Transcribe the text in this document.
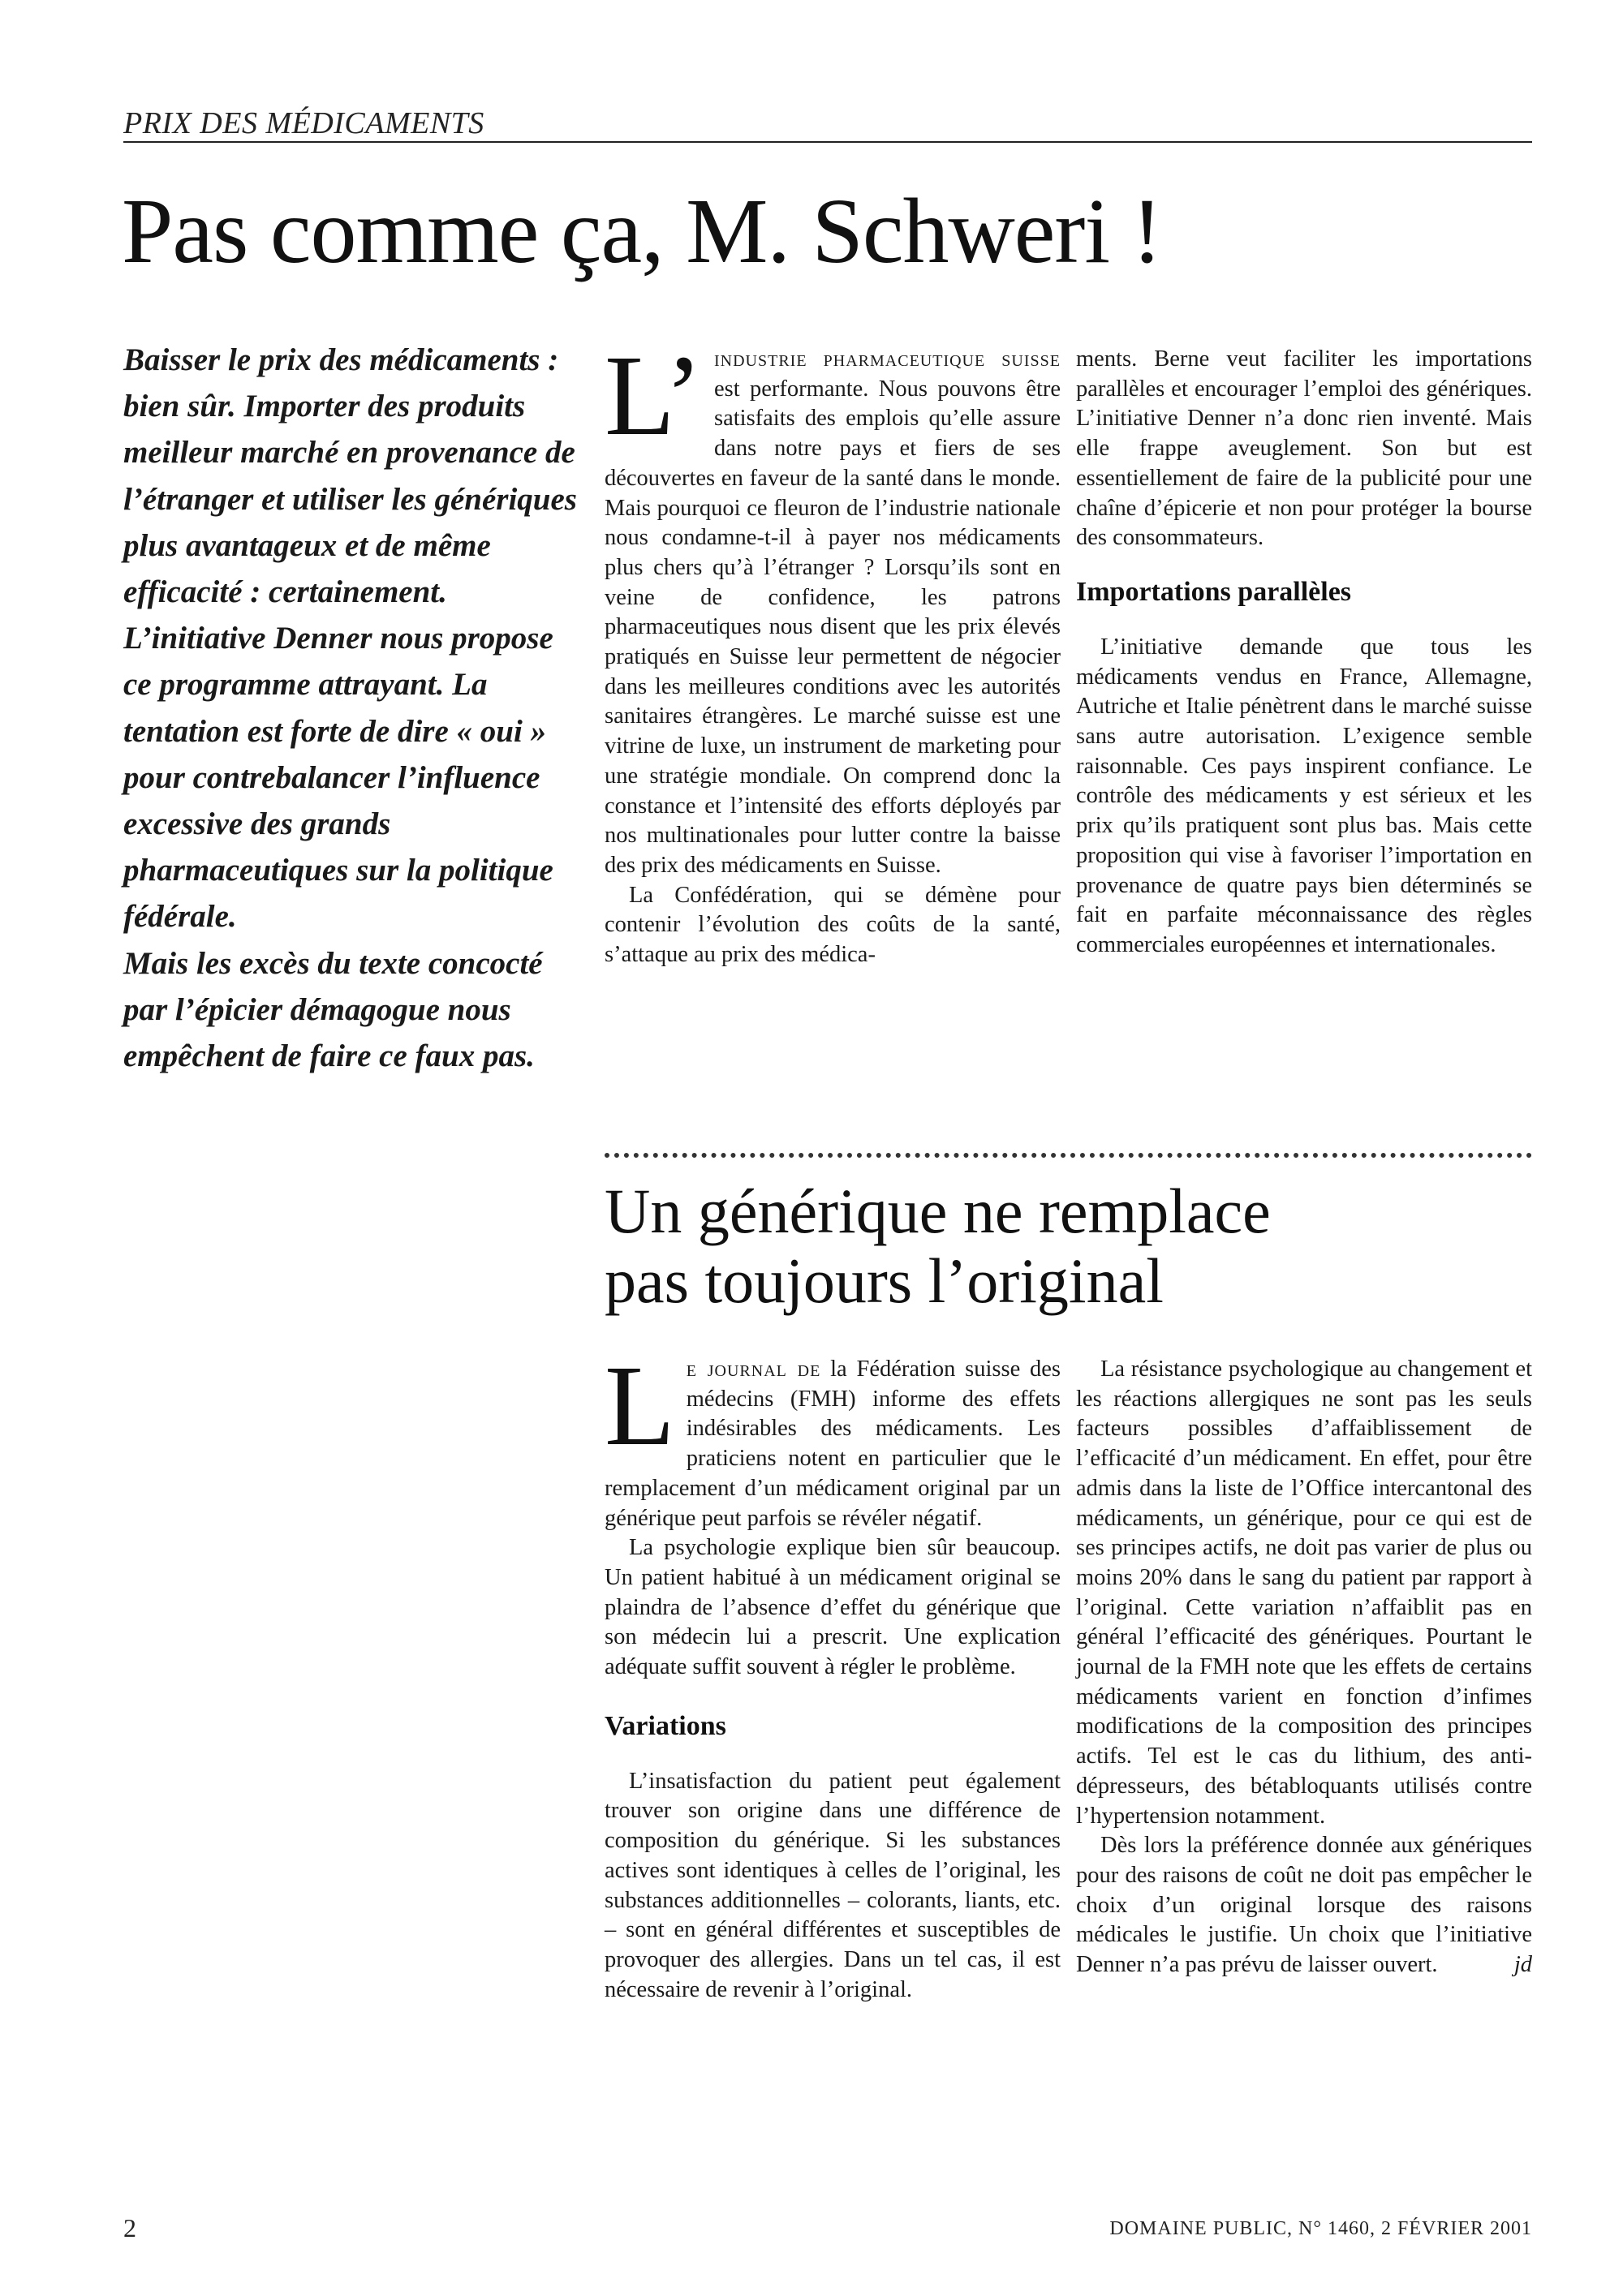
PRIX DES MÉDICAMENTS
Pas comme ça, M. Schweri !

Baisser le prix des médicaments : bien sûr. Importer des produits meilleur marché en provenance de l’étranger et utiliser les génériques plus avantageux et de même efficacité : certainement. L’initiative Denner nous propose ce programme attrayant. La tentation est forte de dire « oui » pour contrebalancer l’influence excessive des grands pharmaceutiques sur la politique fédérale.

Mais les excès du texte concocté par l’épicier démagogue nous empêchent de faire ce faux pas.

L’ industrie pharmaceutique suisse est performante. Nous pouvons être satisfaits des emplois qu’elle assure dans notre pays et fiers de ses découvertes en faveur de la santé dans le monde. Mais pourquoi ce fleuron de l’industrie nationale nous condamne-t-il à payer nos médicaments plus chers qu’à l’étranger ? Lorsqu’ils sont en veine de confidence, les patrons pharmaceutiques nous disent que les prix élevés pratiqués en Suisse leur permettent de négocier dans les meilleures conditions avec les autorités sanitaires étrangères. Le marché suisse est une vitrine de luxe, un instrument de marketing pour une stratégie mondiale. On comprend donc la constance et l’intensité des efforts déployés par nos multinationales pour lutter contre la baisse des prix des médicaments en Suisse.

La Confédération, qui se démène pour contenir l’évolution des coûts de la santé, s’attaque au prix des médica-

ments. Berne veut faciliter les importations parallèles et encourager l’emploi des génériques. L’initiative Denner n’a donc rien inventé. Mais elle frappe aveuglement. Son but est essentiellement de faire de la publicité pour une chaîne d’épicerie et non pour protéger la bourse des consommateurs.

Importations parallèles

L’initiative demande que tous les médicaments vendus en France, Allemagne, Autriche et Italie pénètrent dans le marché suisse sans autre autorisation. L’exigence semble raisonnable. Ces pays inspirent confiance. Le contrôle des médicaments y est sérieux et les prix qu’ils pratiquent sont plus bas. Mais cette proposition qui vise à favoriser l’importation en provenance de quatre pays bien déterminés se fait en parfaite méconnaissance des règles commerciales européennes et internationales.

Un générique ne remplace
pas toujours l’original

Le journal de la Fédération suisse des médecins (FMH) informe des effets indésirables des médicaments. Les praticiens notent en particulier que le remplacement d’un médicament original par un générique peut parfois se révéler négatif.

La psychologie explique bien sûr beaucoup. Un patient habitué à un médicament original se plaindra de l’absence d’effet du générique que son médecin lui a prescrit. Une explication adéquate suffit souvent à régler le problème.

Variations

L’insatisfaction du patient peut également trouver son origine dans une différence de composition du générique. Si les substances actives sont identiques à celles de l’original, les substances additionnelles – colorants, liants, etc. – sont en général différentes et susceptibles de provoquer des allergies. Dans un tel cas, il est nécessaire de revenir à l’original.

La résistance psychologique au changement et les réactions allergiques ne sont pas les seuls facteurs possibles d’affaiblissement de l’efficacité d’un médicament. En effet, pour être admis dans la liste de l’Office intercantonal des médicaments, un générique, pour ce qui est de ses principes actifs, ne doit pas varier de plus ou moins 20% dans le sang du patient par rapport à l’original. Cette variation n’affaiblit pas en général l’efficacité des génériques. Pourtant le journal de la FMH note que les effets de certains médicaments varient en fonction d’infimes modifications de la composition des principes actifs. Tel est le cas du lithium, des anti-dépresseurs, des bétabloquants utilisés contre l’hypertension notamment.

Dès lors la préférence donnée aux génériques pour des raisons de coût ne doit pas empêcher le choix d’un original lorsque des raisons médicales le justifie. Un choix que l’initiative Denner n’a pas prévu de laisser ouvert.	jd

2	DOMAINE PUBLIC, N° 1460, 2 FÉVRIER 2001
